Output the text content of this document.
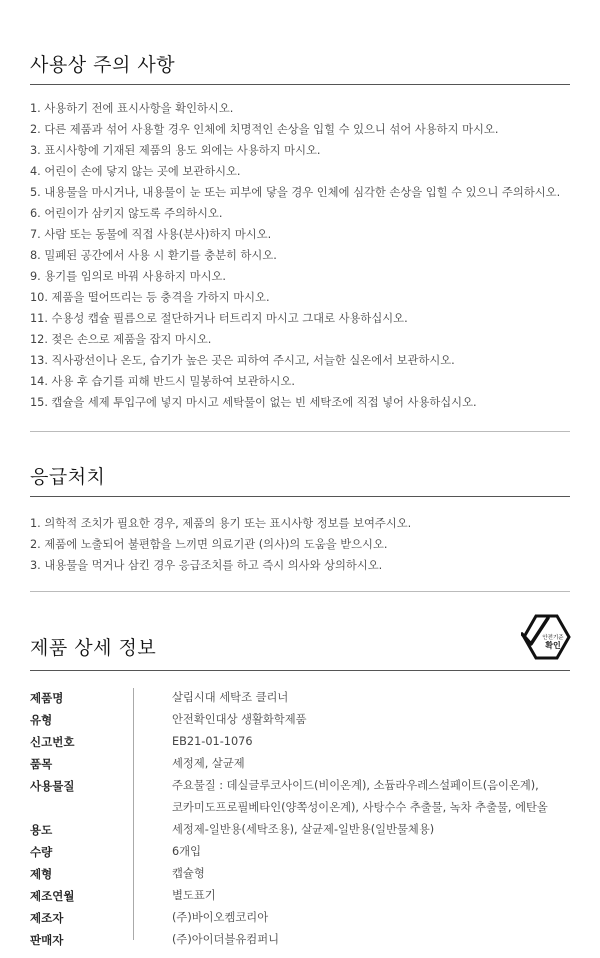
사용상 주의 사항
1. 사용하기 전에 표시사항을 확인하시오.
2. 다른 제품과 섞어 사용할 경우 인체에 치명적인 손상을 입힐 수 있으니 섞어 사용하지 마시오.
3. 표시사항에 기재된 제품의 용도 외에는 사용하지 마시오.
4. 어린이 손에 닿지 않는 곳에 보관하시오.
5. 내용물을 마시거나, 내용물이 눈 또는 피부에 닿을 경우 인체에 심각한 손상을 입힐 수 있으니 주의하시오.
6. 어린이가 삼키지 않도록 주의하시오.
7. 사람 또는 동물에 직접 사용(분사)하지 마시오.
8. 밀폐된 공간에서 사용 시 환기를 충분히 하시오.
9. 용기를 임의로 바꿔 사용하지 마시오.
10. 제품을 떨어뜨리는 등 충격을 가하지 마시오.
11. 수용성 캡슐 필름으로 절단하거나 터트리지 마시고 그대로 사용하십시오.
12. 젖은 손으로 제품을 잡지 마시오.
13. 직사광선이나 온도, 습기가 높은 곳은 피하여 주시고, 서늘한 실온에서 보관하시오.
14. 사용 후 습기를 피해 반드시 밀봉하여 보관하시오.
15. 캡슐을 세제 투입구에 넣지 마시고 세탁물이 없는 빈 세탁조에 직접 넣어 사용하십시오.
응급처치
1. 의학적 조치가 필요한 경우, 제품의 용기 또는 표시사항 정보를 보여주시오.
2. 제품에 노출되어 불편함을 느끼면 의료기관 (의사)의 도움을 받으시오.
3. 내용물을 먹거나 삼킨 경우 응급조치를 하고 즉시 의사와 상의하시오.
제품 상세 정보	안전기준
확인
제품명	살림시대 세탁조 클리너
유형	안전확인대상 생활화학제품
신고번호	EB21-01-1076
품목	세정제, 살균제
사용물질	주요물질 : 데실글루코사이드(비이온계), 소듐라우레스설페이트(음이온계),
코카미도프로필베타인(양쪽성이온계), 사탕수수 추출물, 녹차 추출물, 에탄올
용도	세정제-일반용(세탁조용), 살균제-일반용(일반물체용)
수량	6개입
제형	캡슐형
제조연월	별도표기
제조자	(주)바이오켐코리아
판매자	(주)아이더블유컴퍼니
